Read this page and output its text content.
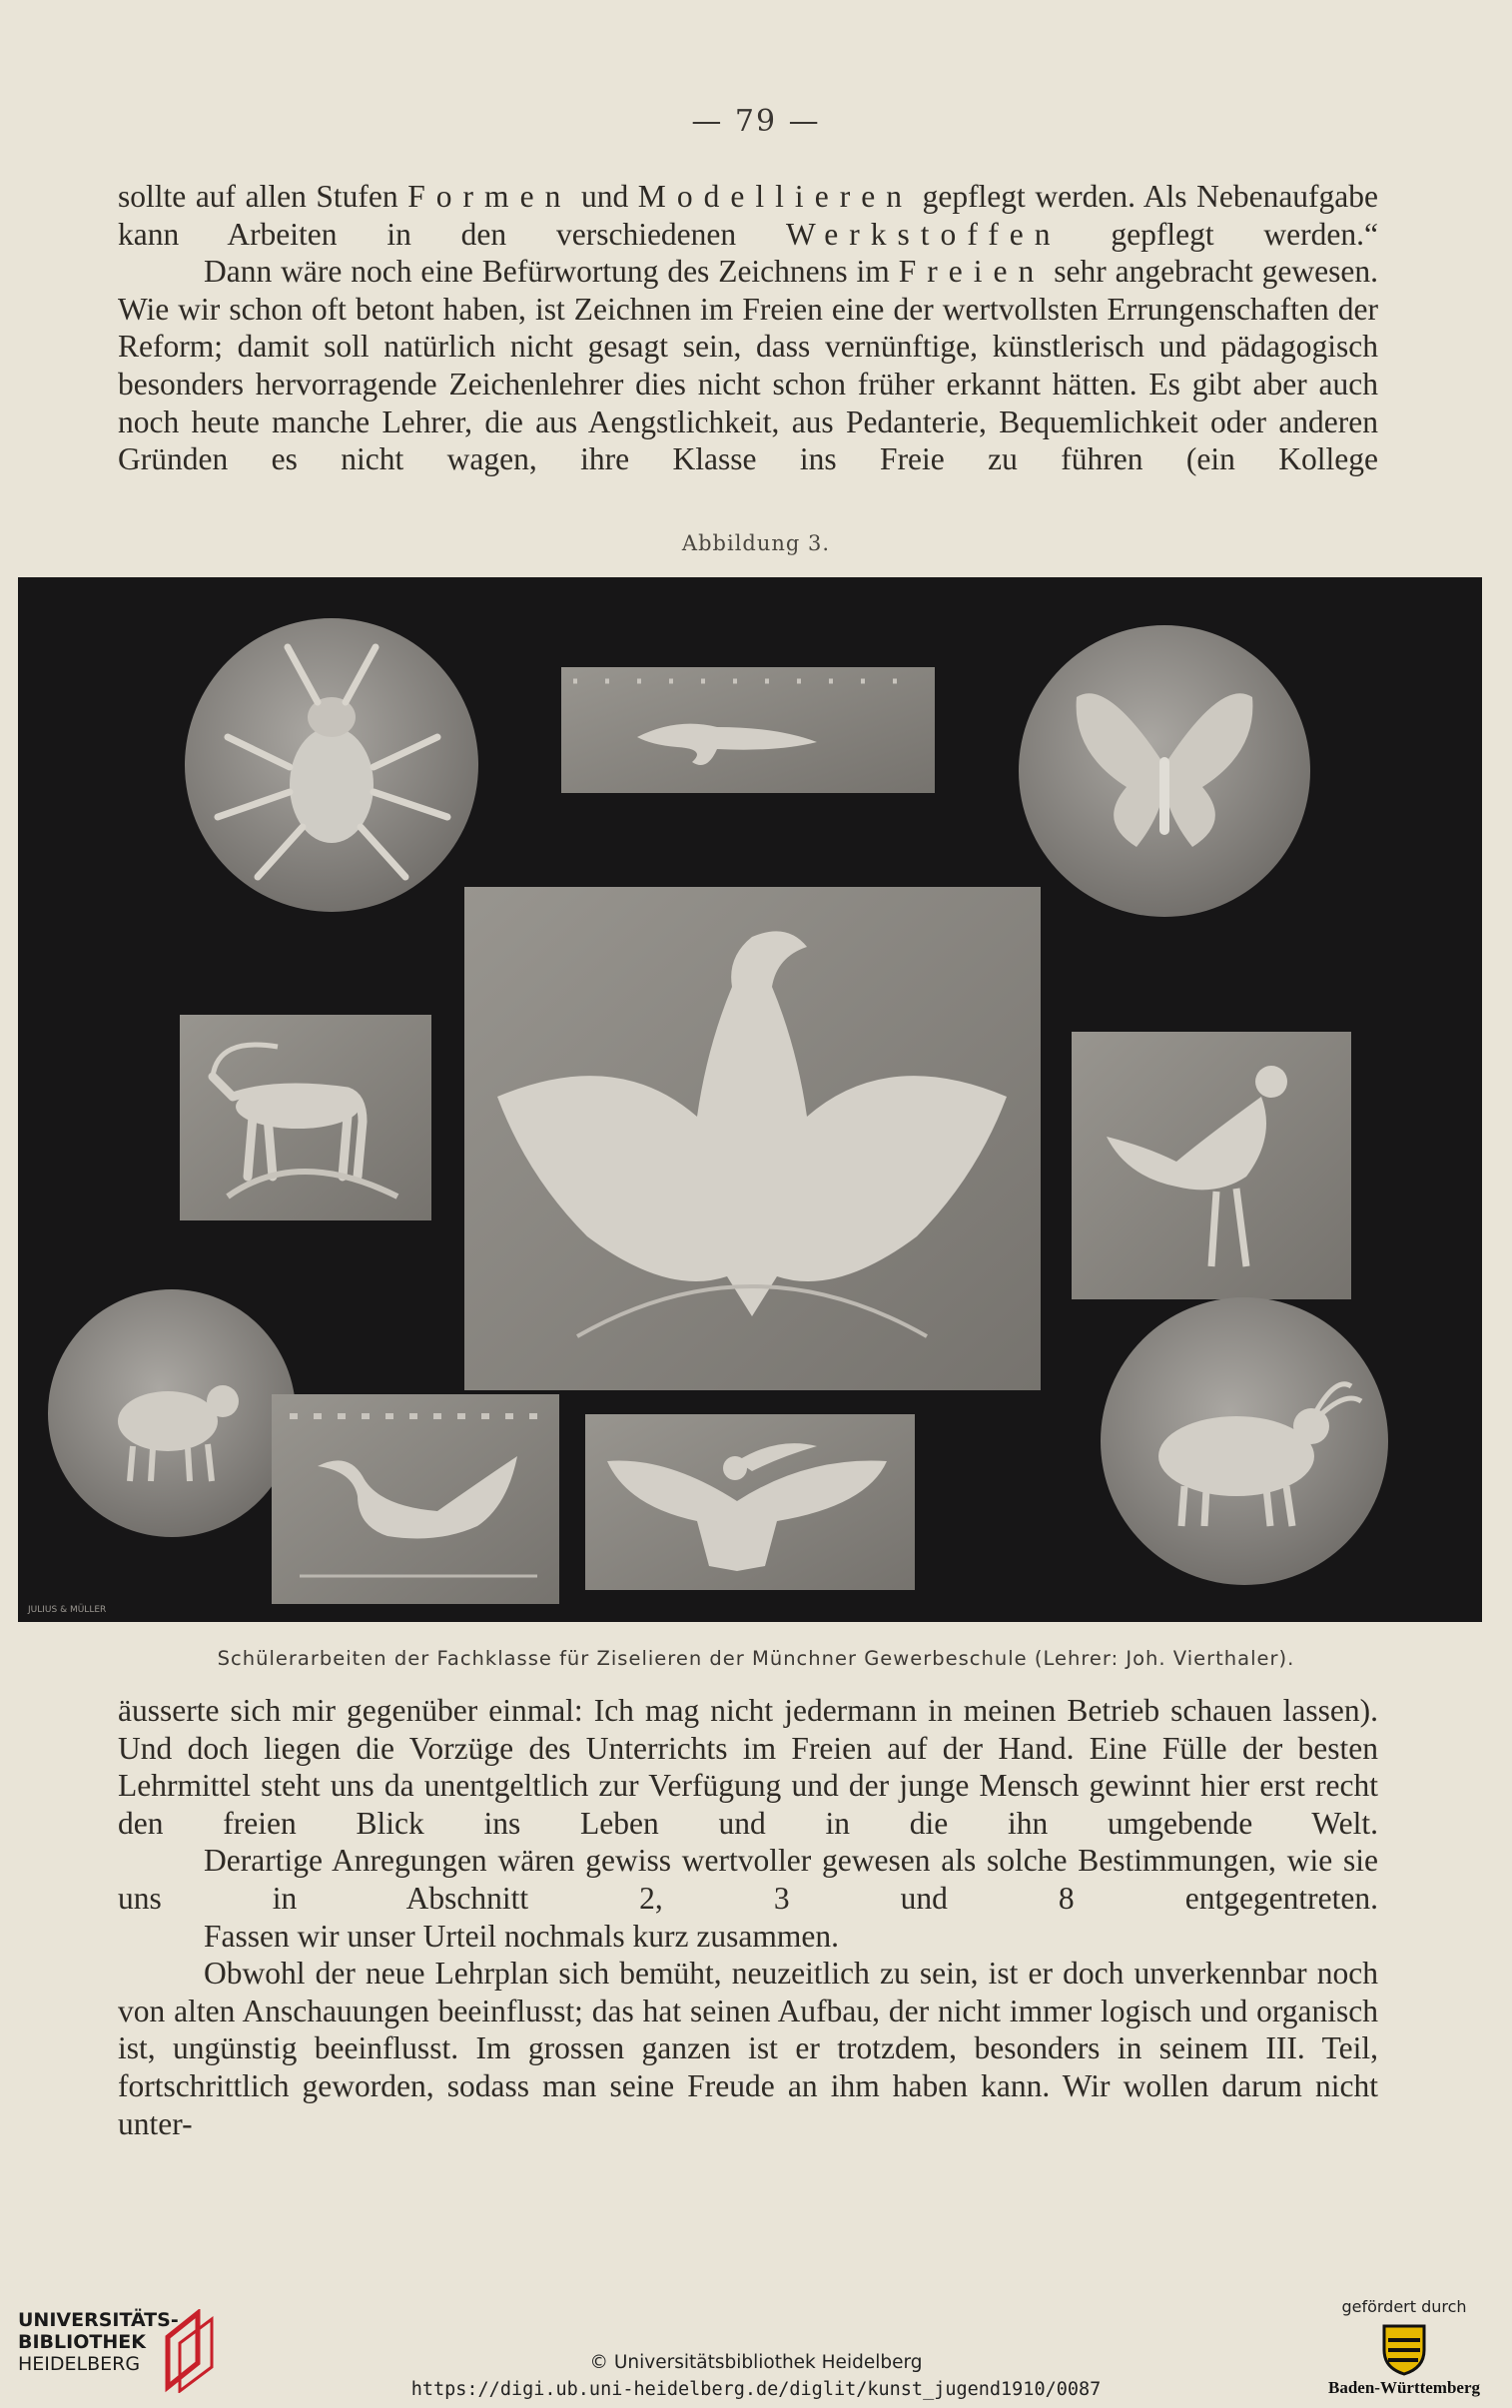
— 79 —

sollte auf allen Stufen Formen und Modellieren gepflegt werden. Als Nebenaufgabe kann Arbeiten in den verschiedenen Werkstoffen gepflegt werden.“

Dann wäre noch eine Befürwortung des Zeichnens im Freien sehr angebracht gewesen. Wie wir schon oft betont haben, ist Zeichnen im Freien eine der wertvollsten Errungenschaften der Reform; damit soll natürlich nicht gesagt sein, dass vernünftige, künstlerisch und pädagogisch besonders hervorragende Zeichenlehrer dies nicht schon früher erkannt hätten. Es gibt aber auch noch heute manche Lehrer, die aus Aengstlichkeit, aus Pedanterie, Bequemlichkeit oder anderen Gründen es nicht wagen, ihre Klasse ins Freie zu führen (ein Kollege

Abbildung 3.
JULIUS & MÜLLER
Schülerarbeiten der Fachklasse für Ziselieren der Münchner Gewerbeschule (Lehrer: Joh. Vierthaler).

äusserte sich mir gegenüber einmal: Ich mag nicht jedermann in meinen Betrieb schauen lassen). Und doch liegen die Vorzüge des Unterrichts im Freien auf der Hand. Eine Fülle der besten Lehrmittel steht uns da unentgeltlich zur Verfügung und der junge Mensch gewinnt hier erst recht den freien Blick ins Leben und in die ihn umgebende Welt.

Derartige Anregungen wären gewiss wertvoller gewesen als solche Bestimmungen, wie sie uns in Abschnitt 2, 3 und 8 entgegentreten.

Fassen wir unser Urteil nochmals kurz zusammen.

Obwohl der neue Lehrplan sich bemüht, neuzeitlich zu sein, ist er doch unverkennbar noch von alten Anschauungen beeinflusst; das hat seinen Aufbau, der nicht immer logisch und organisch ist, ungünstig beeinflusst. Im grossen ganzen ist er trotzdem, besonders in seinem III. Teil, fortschrittlich geworden, sodass man seine Freude an ihm haben kann. Wir wollen darum nicht unter-

UNIVERSITÄTS-
BIBLIOTHEK
HEIDELBERG	© Universitätsbibliothek Heidelberg
https://digi.ub.uni-heidelberg.de/diglit/kunst_jugend1910/0087
gefördert durch
Baden-Württemberg
